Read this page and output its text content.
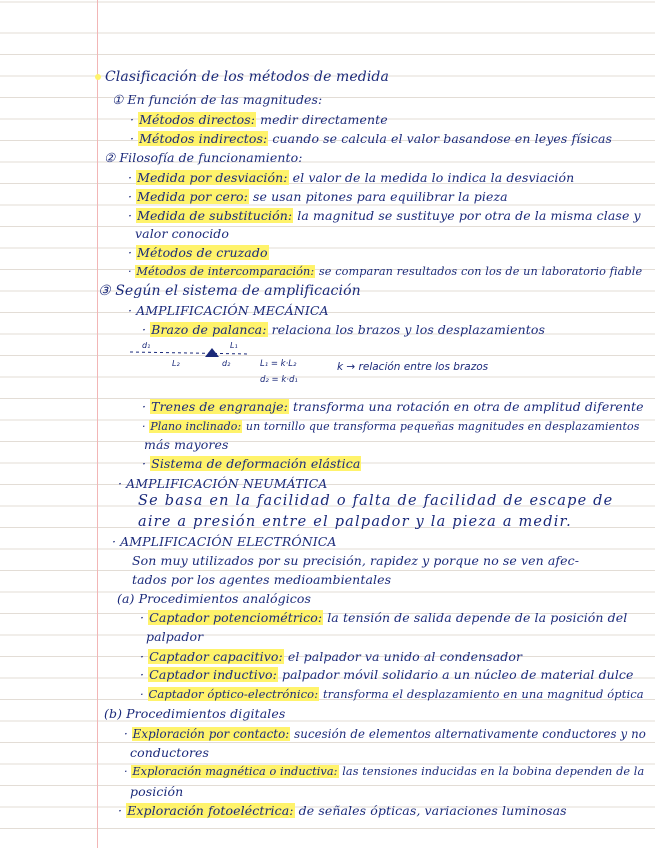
Clasificación de los métodos de medida
① En función de las magnitudes:
· Métodos directos: medir directamente
· Métodos indirectos: cuando se calcula el valor basandose en leyes físicas
② Filosofía de funcionamiento:
· Medida por desviación: el valor de la medida lo indica la desviación
· Medida por cero: se usan pitones para equilibrar la pieza
· Medida de substitución: la magnitud se sustituye por otra de la misma clase y
valor conocido
· Métodos de cruzado
· Métodos de intercomparación: se comparan resultados con los de un laboratorio fiable
③ Según el sistema de amplificación
· AMPLIFICACIÓN MECÁNICA
· Brazo de palanca: relaciona los brazos y los desplazamientos
d₁	L₁
L₂	d₂	L₁ = k·L₂
d₂ = k·d₁
k → relación entre los brazos
· Trenes de engranaje: transforma una rotación en otra de amplitud diferente
· Plano inclinado: un tornillo que transforma pequeñas magnitudes en desplazamientos
más mayores
· Sistema de deformación elástica
· AMPLIFICACIÓN NEUMÁTICA
Se basa en la facilidad o falta de facilidad de escape de
aire a presión entre el palpador y la pieza a medir.
· AMPLIFICACIÓN ELECTRÓNICA
Son muy utilizados por su precisión, rapidez y porque no se ven afec-
tados por los agentes medioambientales
(a) Procedimientos analógicos
· Captador potenciométrico: la tensión de salida depende de la posición del
palpador
· Captador capacitivo: el palpador va unido al condensador
· Captador inductivo: palpador móvil solidario a un núcleo de material dulce
· Captador óptico-electrónico: transforma el desplazamiento en una magnitud óptica
(b) Procedimientos digitales
· Exploración por contacto: sucesión de elementos alternativamente conductores y no
conductores
· Exploración magnética o inductiva: las tensiones inducidas en la bobina dependen de la
posición
· Exploración fotoeléctrica: de señales ópticas, variaciones luminosas
